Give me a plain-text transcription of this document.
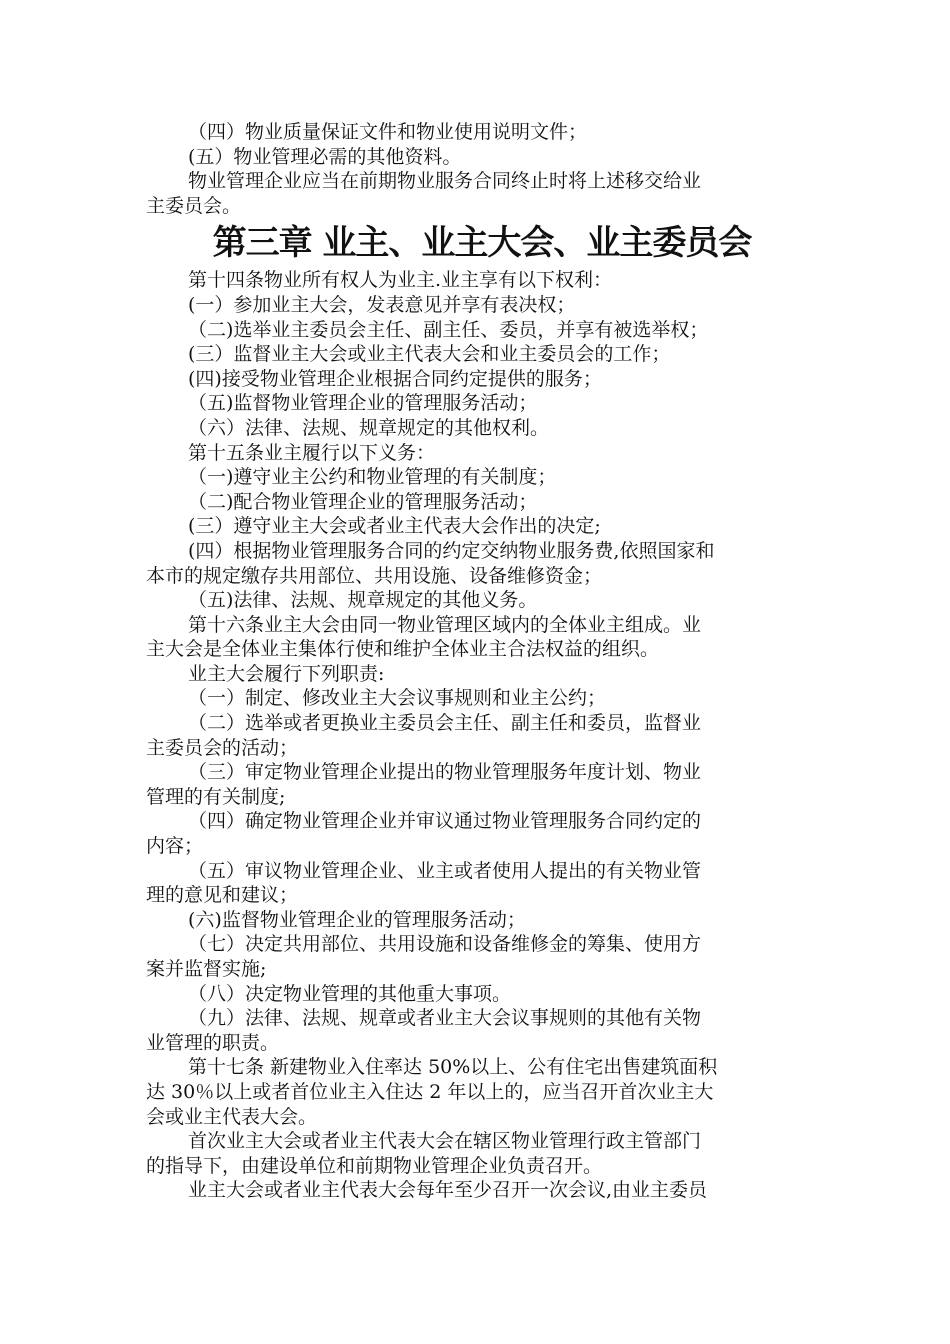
（四）物业质量保证文件和物业使用说明文件；
(五）物业管理必需的其他资料。
物业管理企业应当在前期物业服务合同终止时将上述移交给业
主委员会。
第三章 业主、业主大会、业主委员会
第十四条物业所有权人为业主.业主享有以下权利：
(一）参加业主大会，发表意见并享有表决权；
（二)选举业主委员会主任、副主任、委员，并享有被选举权；
(三）监督业主大会或业主代表大会和业主委员会的工作；
(四)接受物业管理企业根据合同约定提供的服务；
（五)监督物业管理企业的管理服务活动；
（六）法律、法规、规章规定的其他权利。
第十五条业主履行以下义务：
（一)遵守业主公约和物业管理的有关制度；
（二)配合物业管理企业的管理服务活动；
(三）遵守业主大会或者业主代表大会作出的决定;
(四）根据物业管理服务合同的约定交纳物业服务费,依照国家和
本市的规定缴存共用部位、共用设施、设备维修资金；
（五)法律、法规、规章规定的其他义务。
第十六条业主大会由同一物业管理区域内的全体业主组成。业
主大会是全体业主集体行使和维护全体业主合法权益的组织。
业主大会履行下列职责:
（一）制定、修改业主大会议事规则和业主公约；
（二）选举或者更换业主委员会主任、副主任和委员，监督业
主委员会的活动；
（三）审定物业管理企业提出的物业管理服务年度计划、物业
管理的有关制度;
（四）确定物业管理企业并审议通过物业管理服务合同约定的
内容；
（五）审议物业管理企业、业主或者使用人提出的有关物业管
理的意见和建议；
(六)监督物业管理企业的管理服务活动；
（七）决定共用部位、共用设施和设备维修金的筹集、使用方
案并监督实施;
（八）决定物业管理的其他重大事项。
（九）法律、法规、规章或者业主大会议事规则的其他有关物
业管理的职责。
第十七条 新建物业入住率达 50%以上、公有住宅出售建筑面积
达 30％以上或者首位业主入住达 2 年以上的，应当召开首次业主大
会或业主代表大会。
首次业主大会或者业主代表大会在辖区物业管理行政主管部门
的指导下，由建设单位和前期物业管理企业负责召开。
业主大会或者业主代表大会每年至少召开一次会议,由业主委员
